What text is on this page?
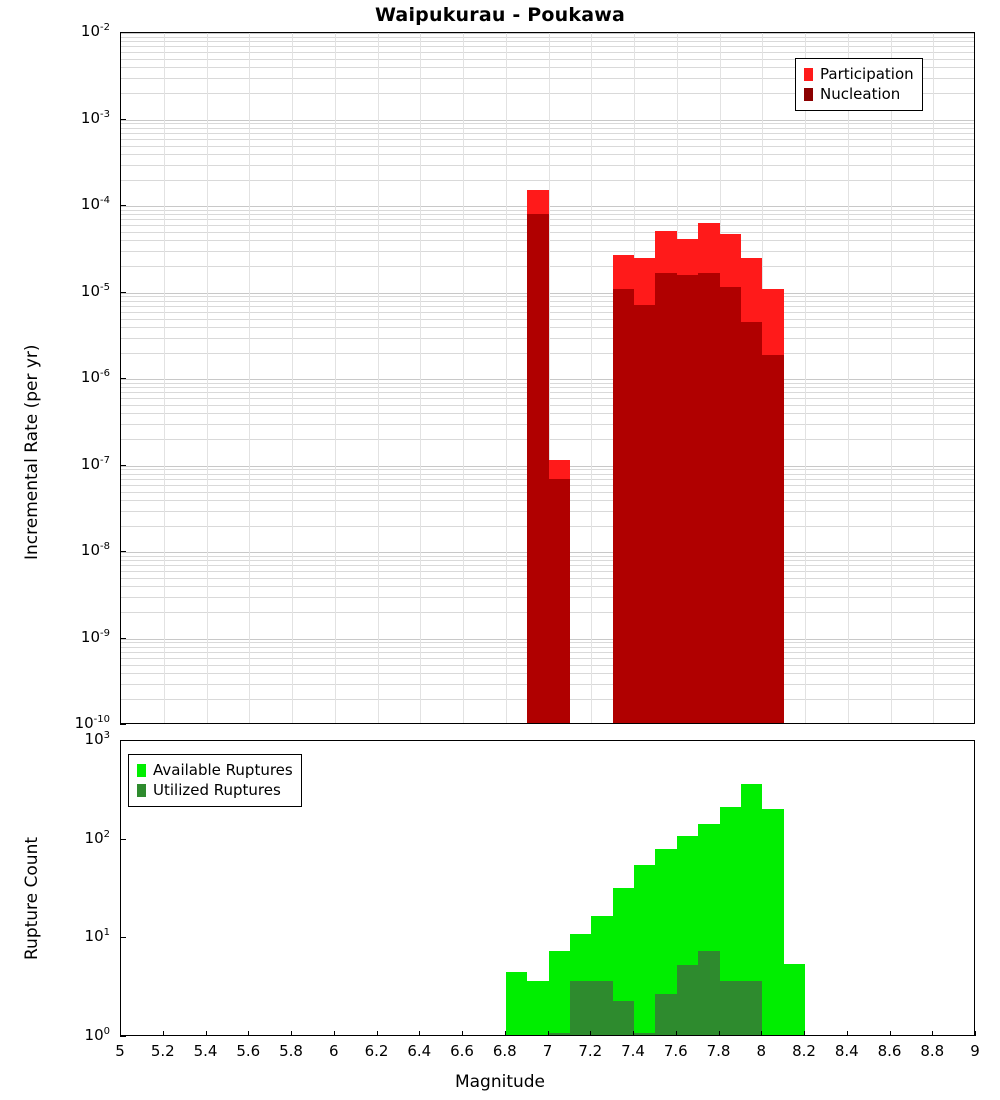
Waipukurau - Poukawa
$10^{-10}$
$10^{-9}$
$10^{-8}$
$10^{-7}$
$10^{-6}$
$10^{-5}$
$10^{-4}$
$10^{-3}$
$10^{-2}$
Incremental Rate (per yr)
Participation
Nucleation
$10^0$
$10^1$
$10^2$
$10^3$
Rupture Count
Available Ruptures
Utilized Ruptures
5	5.2	5.4	5.6	5.8	6	6.2	6.4	6.6	6.8	7	7.2	7.4	7.6	7.8	8	8.2	8.4	8.6	8.8	9
Magnitude
